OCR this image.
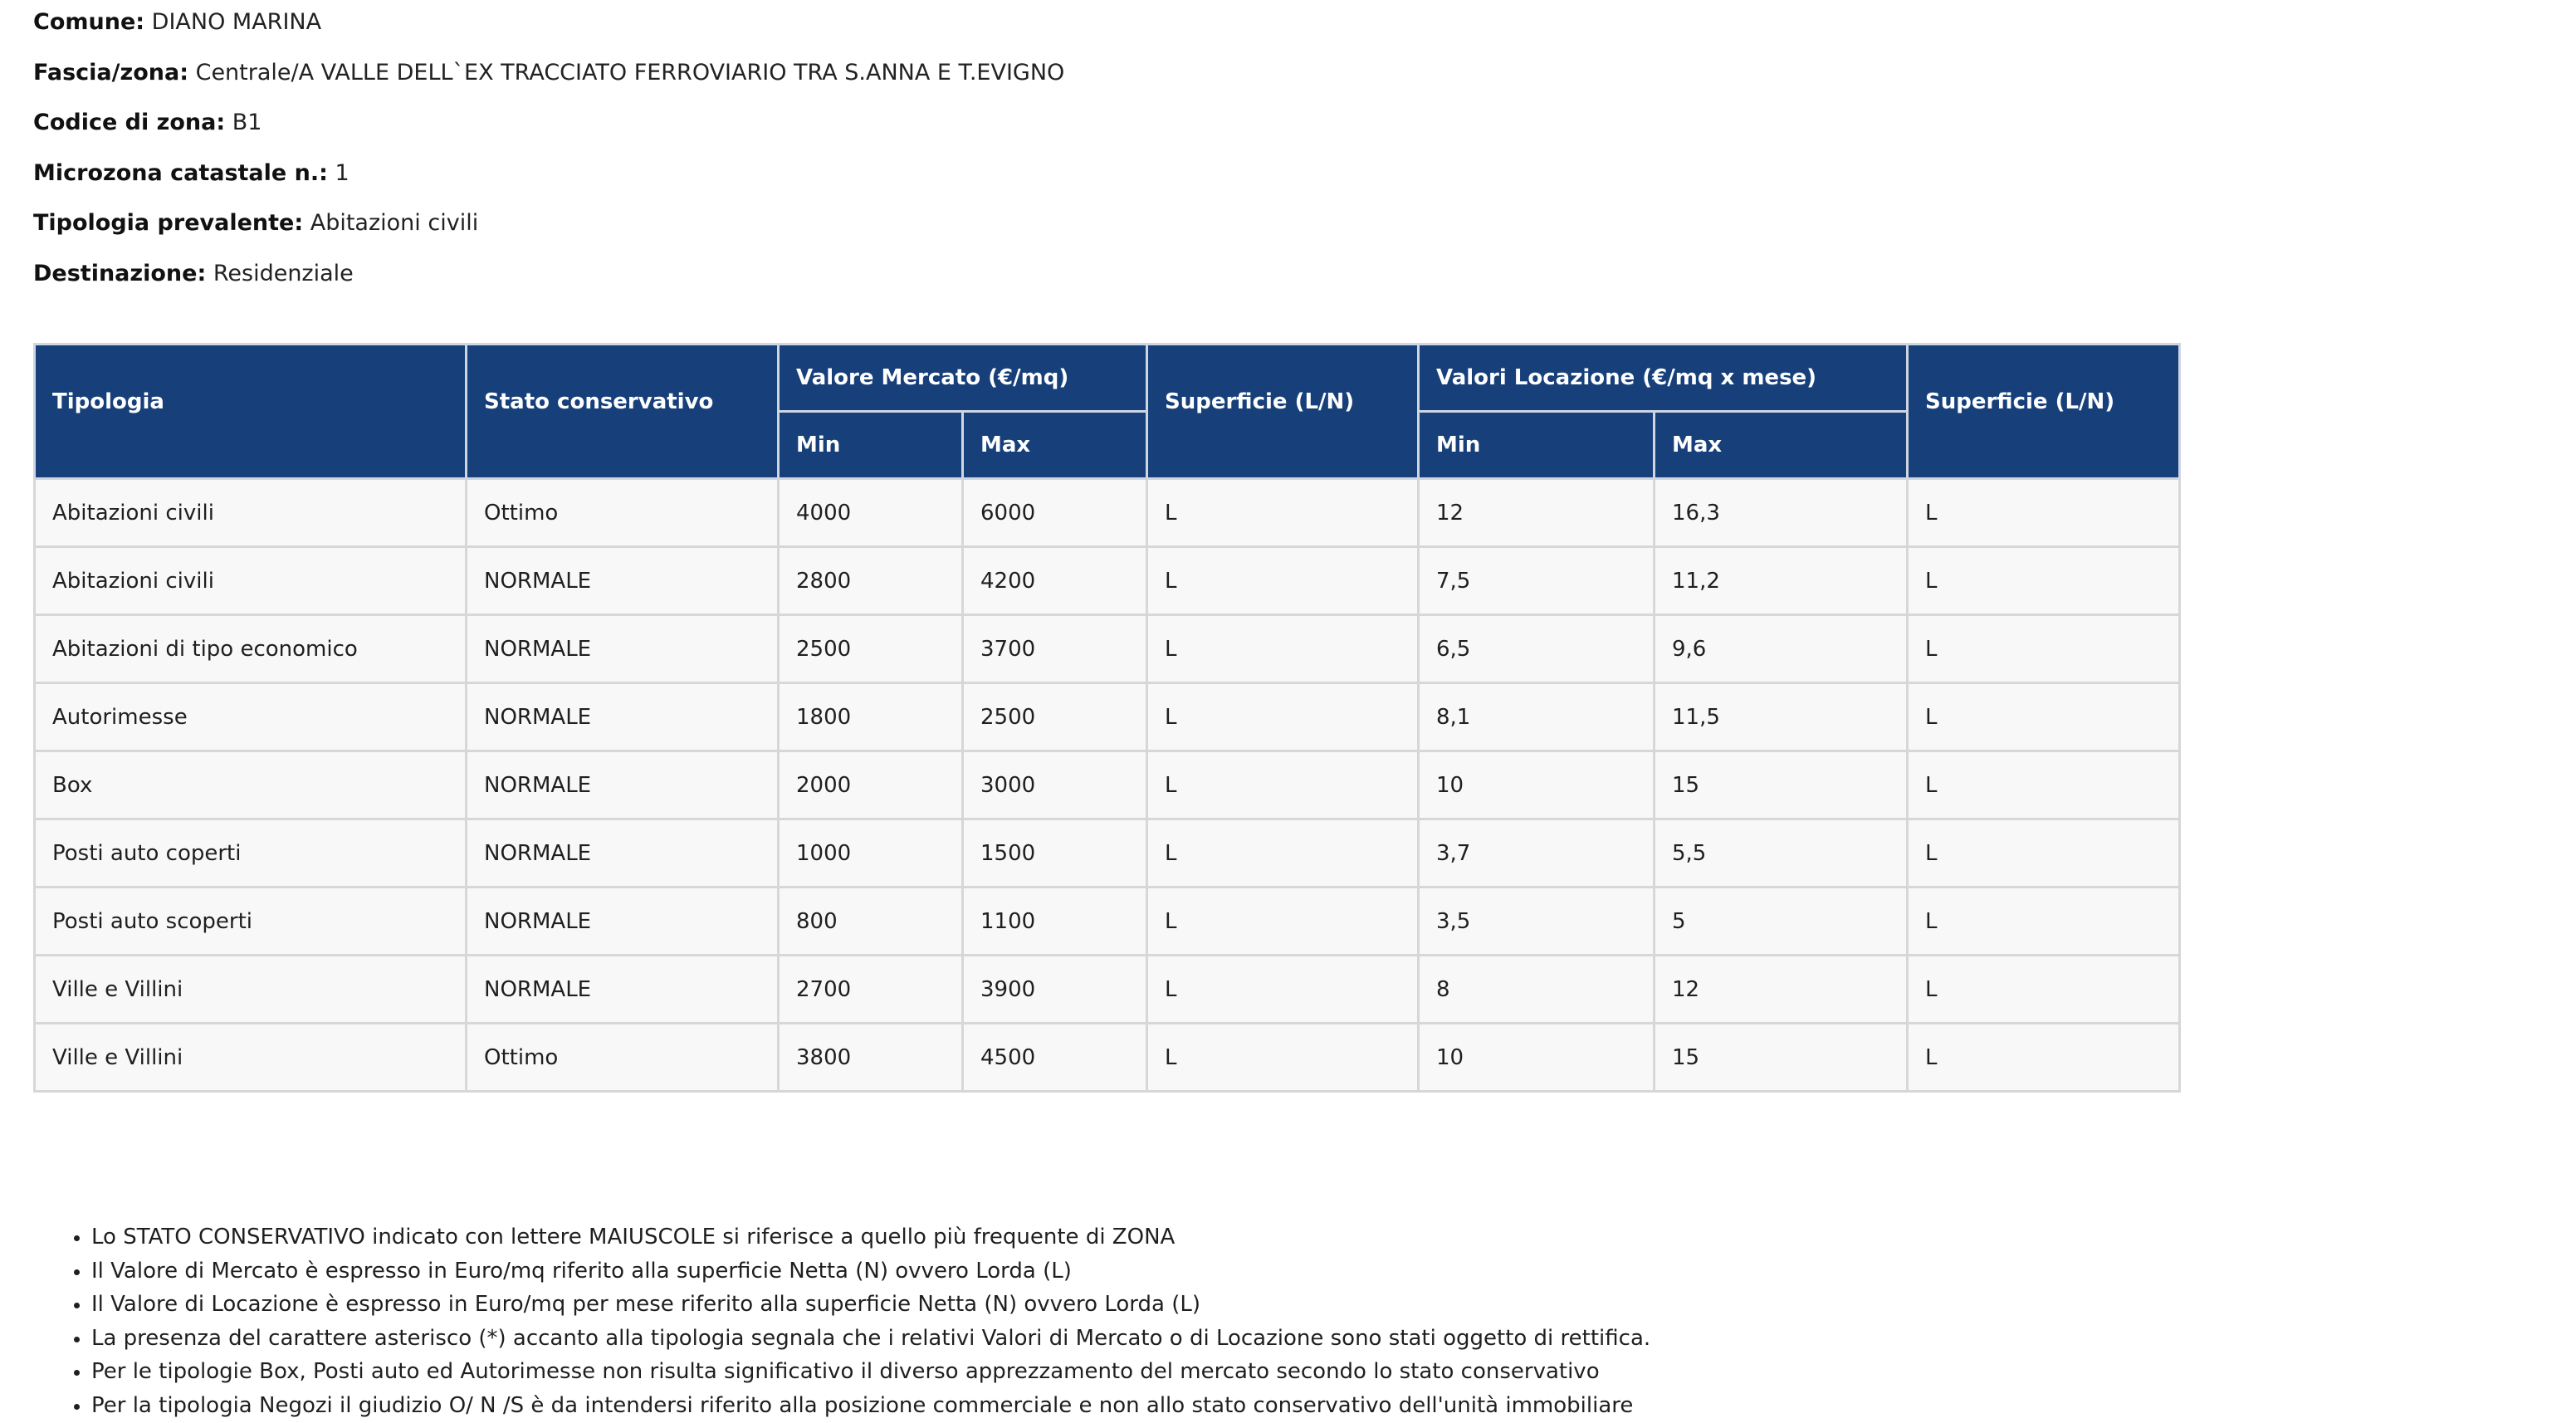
Comune: DIANO MARINA
Fascia/zona: Centrale/A VALLE DELL`EX TRACCIATO FERROVIARIO TRA S.ANNA E T.EVIGNO
Codice di zona: B1
Microzona catastale n.: 1
Tipologia prevalente: Abitazioni civili
Destinazione: Residenziale
Tipologia	Stato conservativo	Valore Mercato (€/mq)		Superficie (L/N)	Valori Locazione (€/mq x mese)		Superficie (L/N)
		Min	Max		Min	Max	
Abitazioni civili	Ottimo	4000	6000	L	12	16,3	L
Abitazioni civili	NORMALE	2800	4200	L	7,5	11,2	L
Abitazioni di tipo economico	NORMALE	2500	3700	L	6,5	9,6	L
Autorimesse	NORMALE	1800	2500	L	8,1	11,5	L
Box	NORMALE	2000	3000	L	10	15	L
Posti auto coperti	NORMALE	1000	1500	L	3,7	5,5	L
Posti auto scoperti	NORMALE	800	1100	L	3,5	5	L
Ville e Villini	NORMALE	2700	3900	L	8	12	L
Ville e Villini	Ottimo	3800	4500	L	10	15	L
• Lo STATO CONSERVATIVO indicato con lettere MAIUSCOLE si riferisce a quello più frequente di ZONA
• Il Valore di Mercato è espresso in Euro/mq riferito alla superficie Netta (N) ovvero Lorda (L)
• Il Valore di Locazione è espresso in Euro/mq per mese riferito alla superficie Netta (N) ovvero Lorda (L)
• La presenza del carattere asterisco (*) accanto alla tipologia segnala che i relativi Valori di Mercato o di Locazione sono stati oggetto di rettifica.
• Per le tipologie Box, Posti auto ed Autorimesse non risulta significativo il diverso apprezzamento del mercato secondo lo stato conservativo
• Per la tipologia Negozi il giudizio O/ N /S è da intendersi riferito alla posizione commerciale e non allo stato conservativo dell'unità immobiliare
